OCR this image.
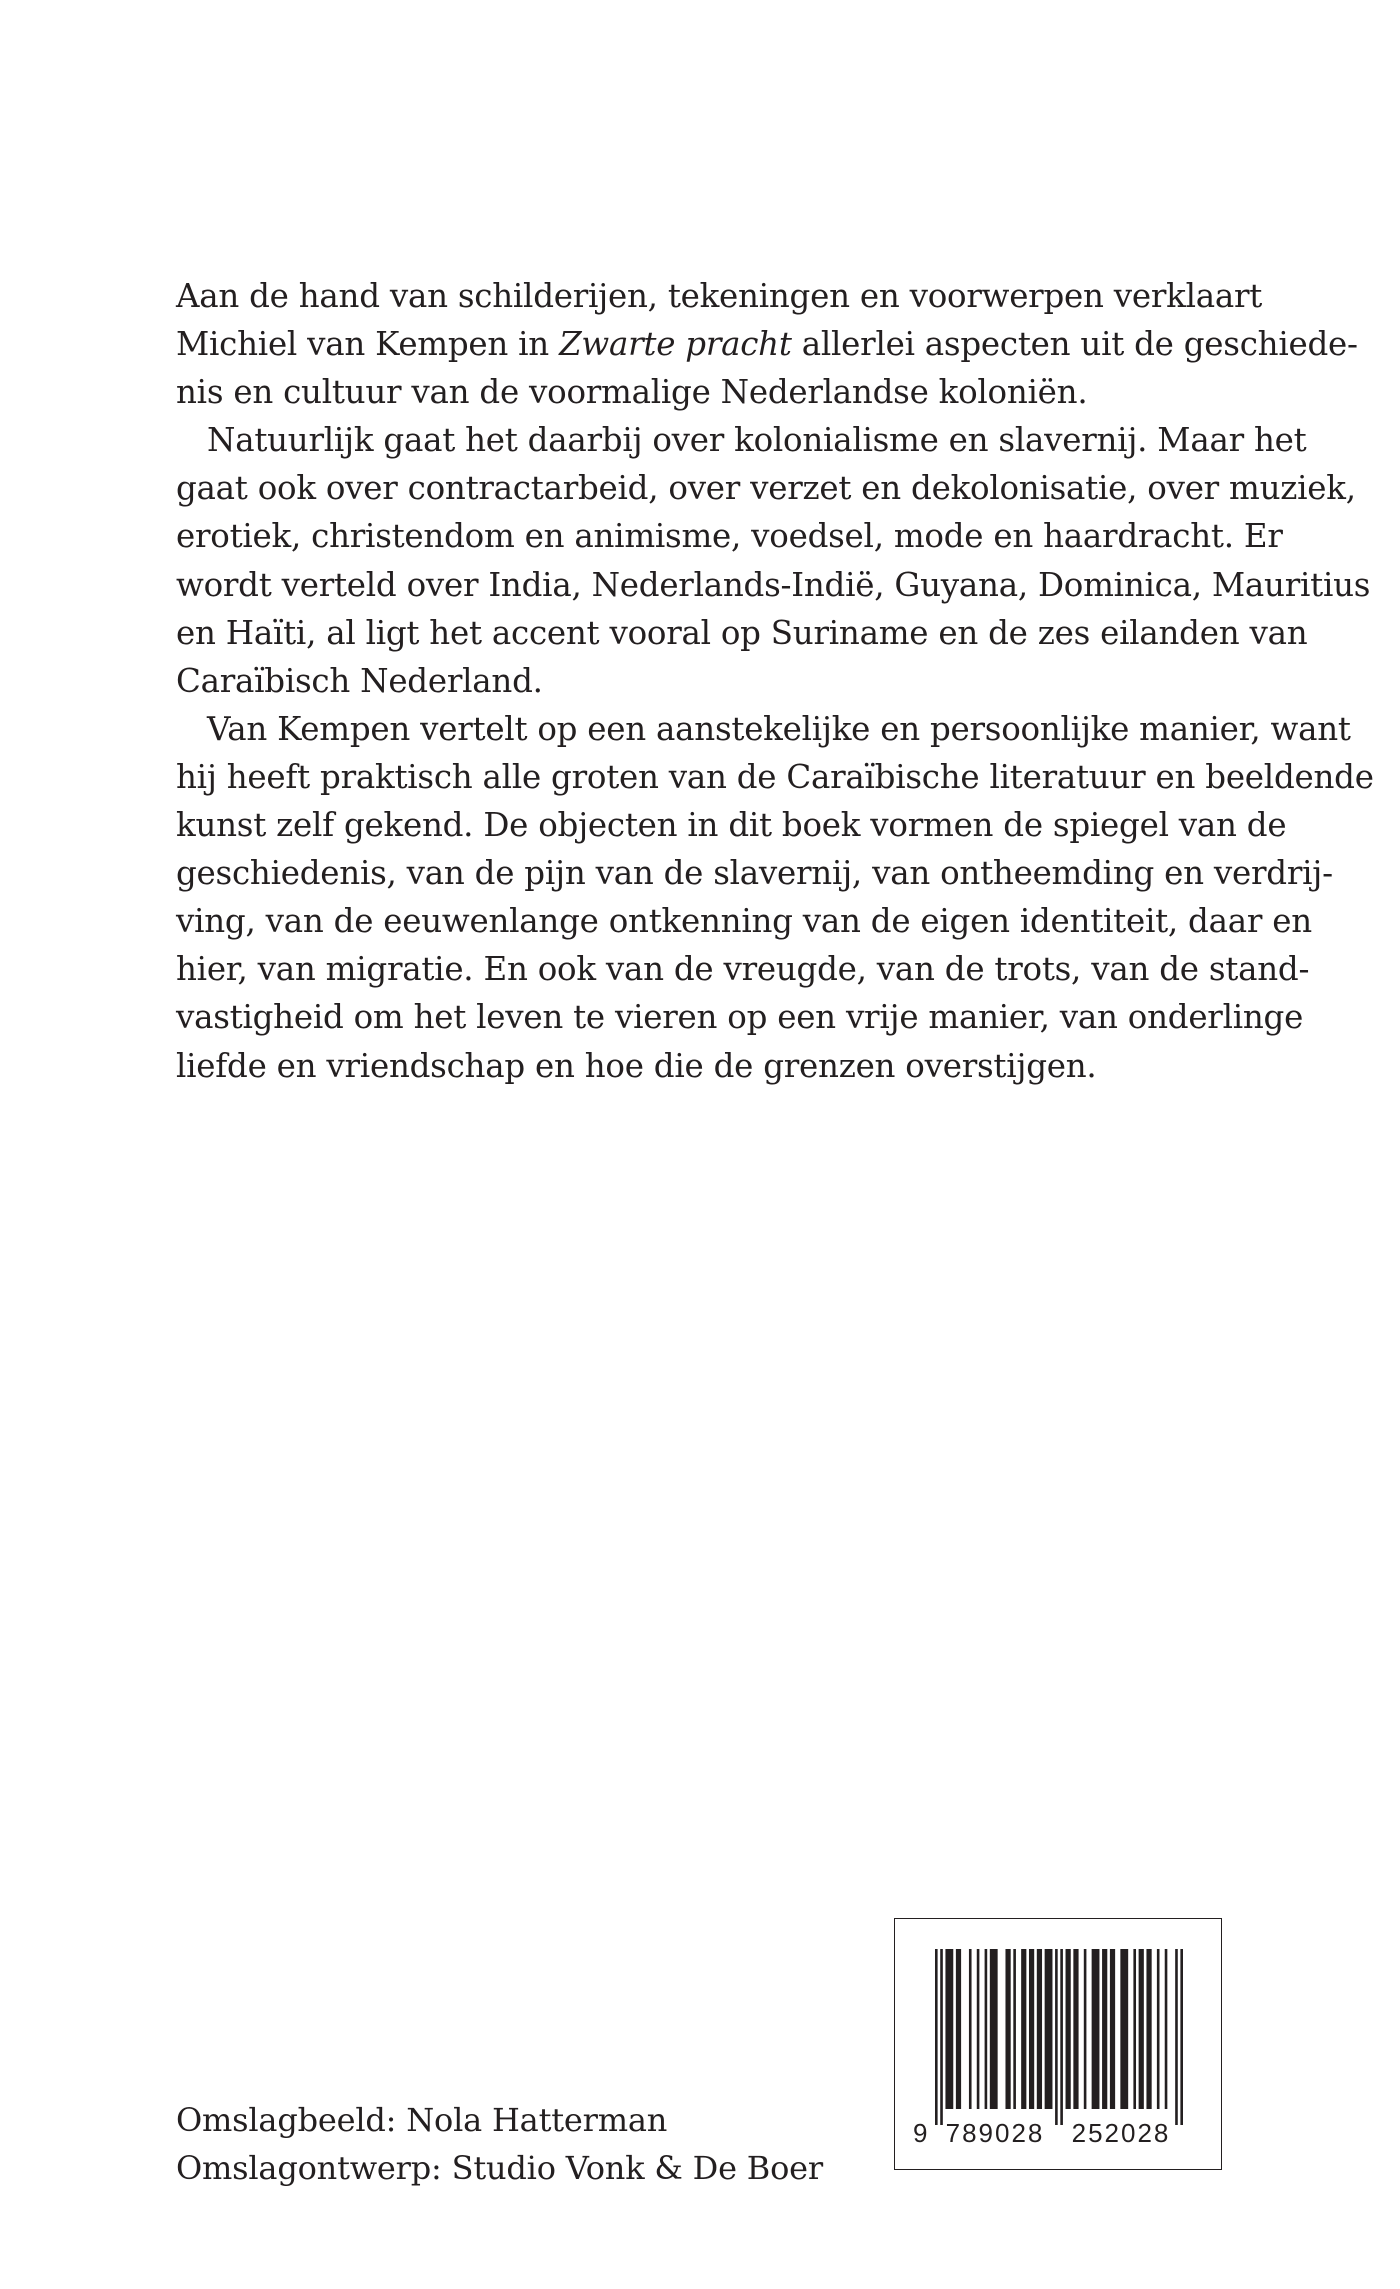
Aan de hand van schilderijen, tekeningen en voorwerpen verklaart
Michiel van Kempen in Zwarte pracht allerlei aspecten uit de geschiede-
nis en cultuur van de voormalige Nederlandse koloniën.

Natuurlijk gaat het daarbij over kolonialisme en slavernij. Maar het
gaat ook over contractarbeid, over verzet en dekolonisatie, over muziek,
erotiek, christendom en animisme, voedsel, mode en haardracht. Er
wordt verteld over India, Nederlands-Indië, Guyana, Dominica, Mauritius
en Haïti, al ligt het accent vooral op Suriname en de zes eilanden van
Caraïbisch Nederland.

Van Kempen vertelt op een aanstekelijke en persoonlijke manier, want
hij heeft praktisch alle groten van de Caraïbische literatuur en beeldende
kunst zelf gekend. De objecten in dit boek vormen de spiegel van de
geschiedenis, van de pijn van de slavernij, van ontheemding en verdrij-
ving, van de eeuwenlange ontkenning van de eigen identiteit, daar en
hier, van migratie. En ook van de vreugde, van de trots, van de stand-
vastigheid om het leven te vieren op een vrije manier, van onderlinge
liefde en vriendschap en hoe die de grenzen overstijgen.

Omslagbeeld: Nola Hatterman
Omslagontwerp: Studio Vonk & De Boer
9 789028 252028
